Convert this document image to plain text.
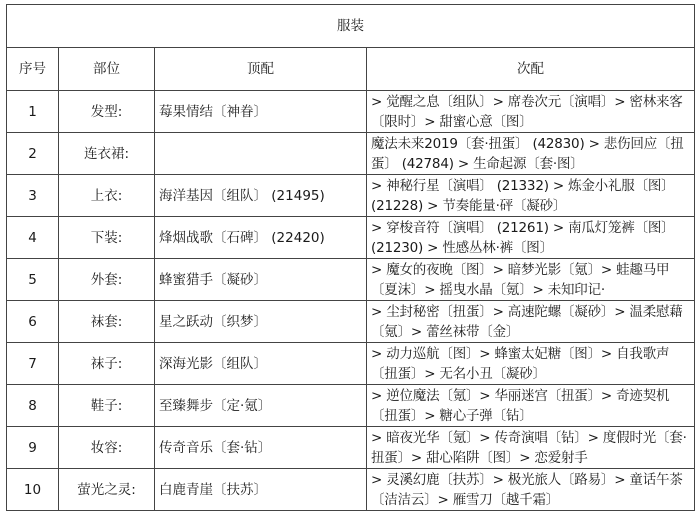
服装			
序号	部位	顶配	次配
1	发型:	莓果情结〔神眷〕	> 觉醒之息〔组队〕> 席卷次元〔演唱〕> 密林来客〔限时〕> 甜蜜心意〔图〕
2	连衣裙:		魔法未来2019〔套·扭蛋〕 (42830) > 悲伤回应〔扭蛋〕 (42784) > 生命起源〔套·图〕
3	上衣:	海洋基因〔组队〕 (21495)	> 神秘行星〔演唱〕 (21332) > 炼金小礼服〔图〕 (21228) > 节奏能量·砰〔凝砂〕
4	下装:	烽烟战歌〔石碑〕 (22420)	> 穿梭音符〔演唱〕 (21261) > 南瓜灯笼裤〔图〕 (21230) > 性感丛林·裤〔图〕
5	外套:	蜂蜜猎手〔凝砂〕	> 魔女的夜晚〔图〕> 暗梦光影〔氪〕> 蛙趣马甲〔夏沫〕> 摇曳水晶〔氪〕> 未知印记·
6	袜套:	星之跃动〔织梦〕	> 尘封秘密〔扭蛋〕> 高速陀螺〔凝砂〕> 温柔慰藉〔氪〕> 蕾丝袜带〔金〕
7	袜子:	深海光影〔组队〕	> 动力巡航〔图〕> 蜂蜜太妃糖〔图〕> 自我歌声〔扭蛋〕> 无名小丑〔凝砂〕
8	鞋子:	至臻舞步〔定·氪〕	> 逆位魔法〔氪〕> 华丽迷宫〔扭蛋〕> 奇迹契机〔扭蛋〕> 糖心子弹〔钻〕
9	妆容:	传奇音乐〔套·钻〕	> 暗夜光华〔氪〕> 传奇演唱〔钻〕> 度假时光〔套·扭蛋〕> 甜心陷阱〔图〕> 恋爱射手
10	萤光之灵:	白鹿青崖〔扶苏〕	> 灵溪幻鹿〔扶苏〕> 极光旅人〔路易〕> 童话午茶〔洁洁云〕> 雁雪刀〔越千霜〕
